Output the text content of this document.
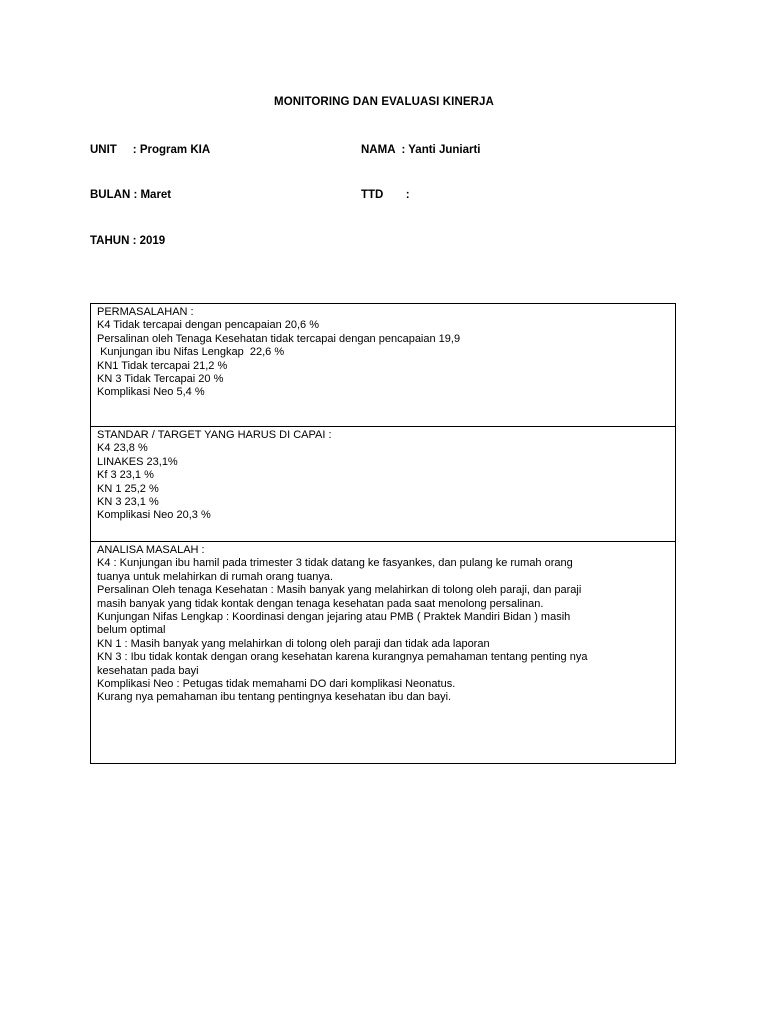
MONITORING DAN EVALUASI KINERJA
UNIT     : Program KIA	NAMA  : Yanti Juniarti
BULAN : Maret	TTD       :
TAHUN : 2019
PERMASALAHAN :
K4 Tidak tercapai dengan pencapaian 20,6 %
Persalinan oleh Tenaga Kesehatan tidak tercapai dengan pencapaian 19,9
Kunjungan ibu Nifas Lengkap  22,6 %
KN1 Tidak tercapai 21,2 %
KN 3 Tidak Tercapai 20 %
Komplikasi Neo 5,4 %
STANDAR / TARGET YANG HARUS DI CAPAI :
K4 23,8 %
LINAKES 23,1%
Kf 3 23,1 %
KN 1 25,2 %
KN 3 23,1 %
Komplikasi Neo 20,3 %
ANALISA MASALAH :
K4 : Kunjungan ibu hamil pada trimester 3 tidak datang ke fasyankes, dan pulang ke rumah orang
tuanya untuk melahirkan di rumah orang tuanya.
Persalinan Oleh tenaga Kesehatan : Masih banyak yang melahirkan di tolong oleh paraji, dan paraji
masih banyak yang tidak kontak dengan tenaga kesehatan pada saat menolong persalinan.
Kunjungan Nifas Lengkap : Koordinasi dengan jejaring atau PMB ( Praktek Mandiri Bidan ) masih
belum optimal
KN 1 : Masih banyak yang melahirkan di tolong oleh paraji dan tidak ada laporan
KN 3 : Ibu tidak kontak dengan orang kesehatan karena kurangnya pemahaman tentang penting nya
kesehatan pada bayi
Komplikasi Neo : Petugas tidak memahami DO dari komplikasi Neonatus.
Kurang nya pemahaman ibu tentang pentingnya kesehatan ibu dan bayi.
